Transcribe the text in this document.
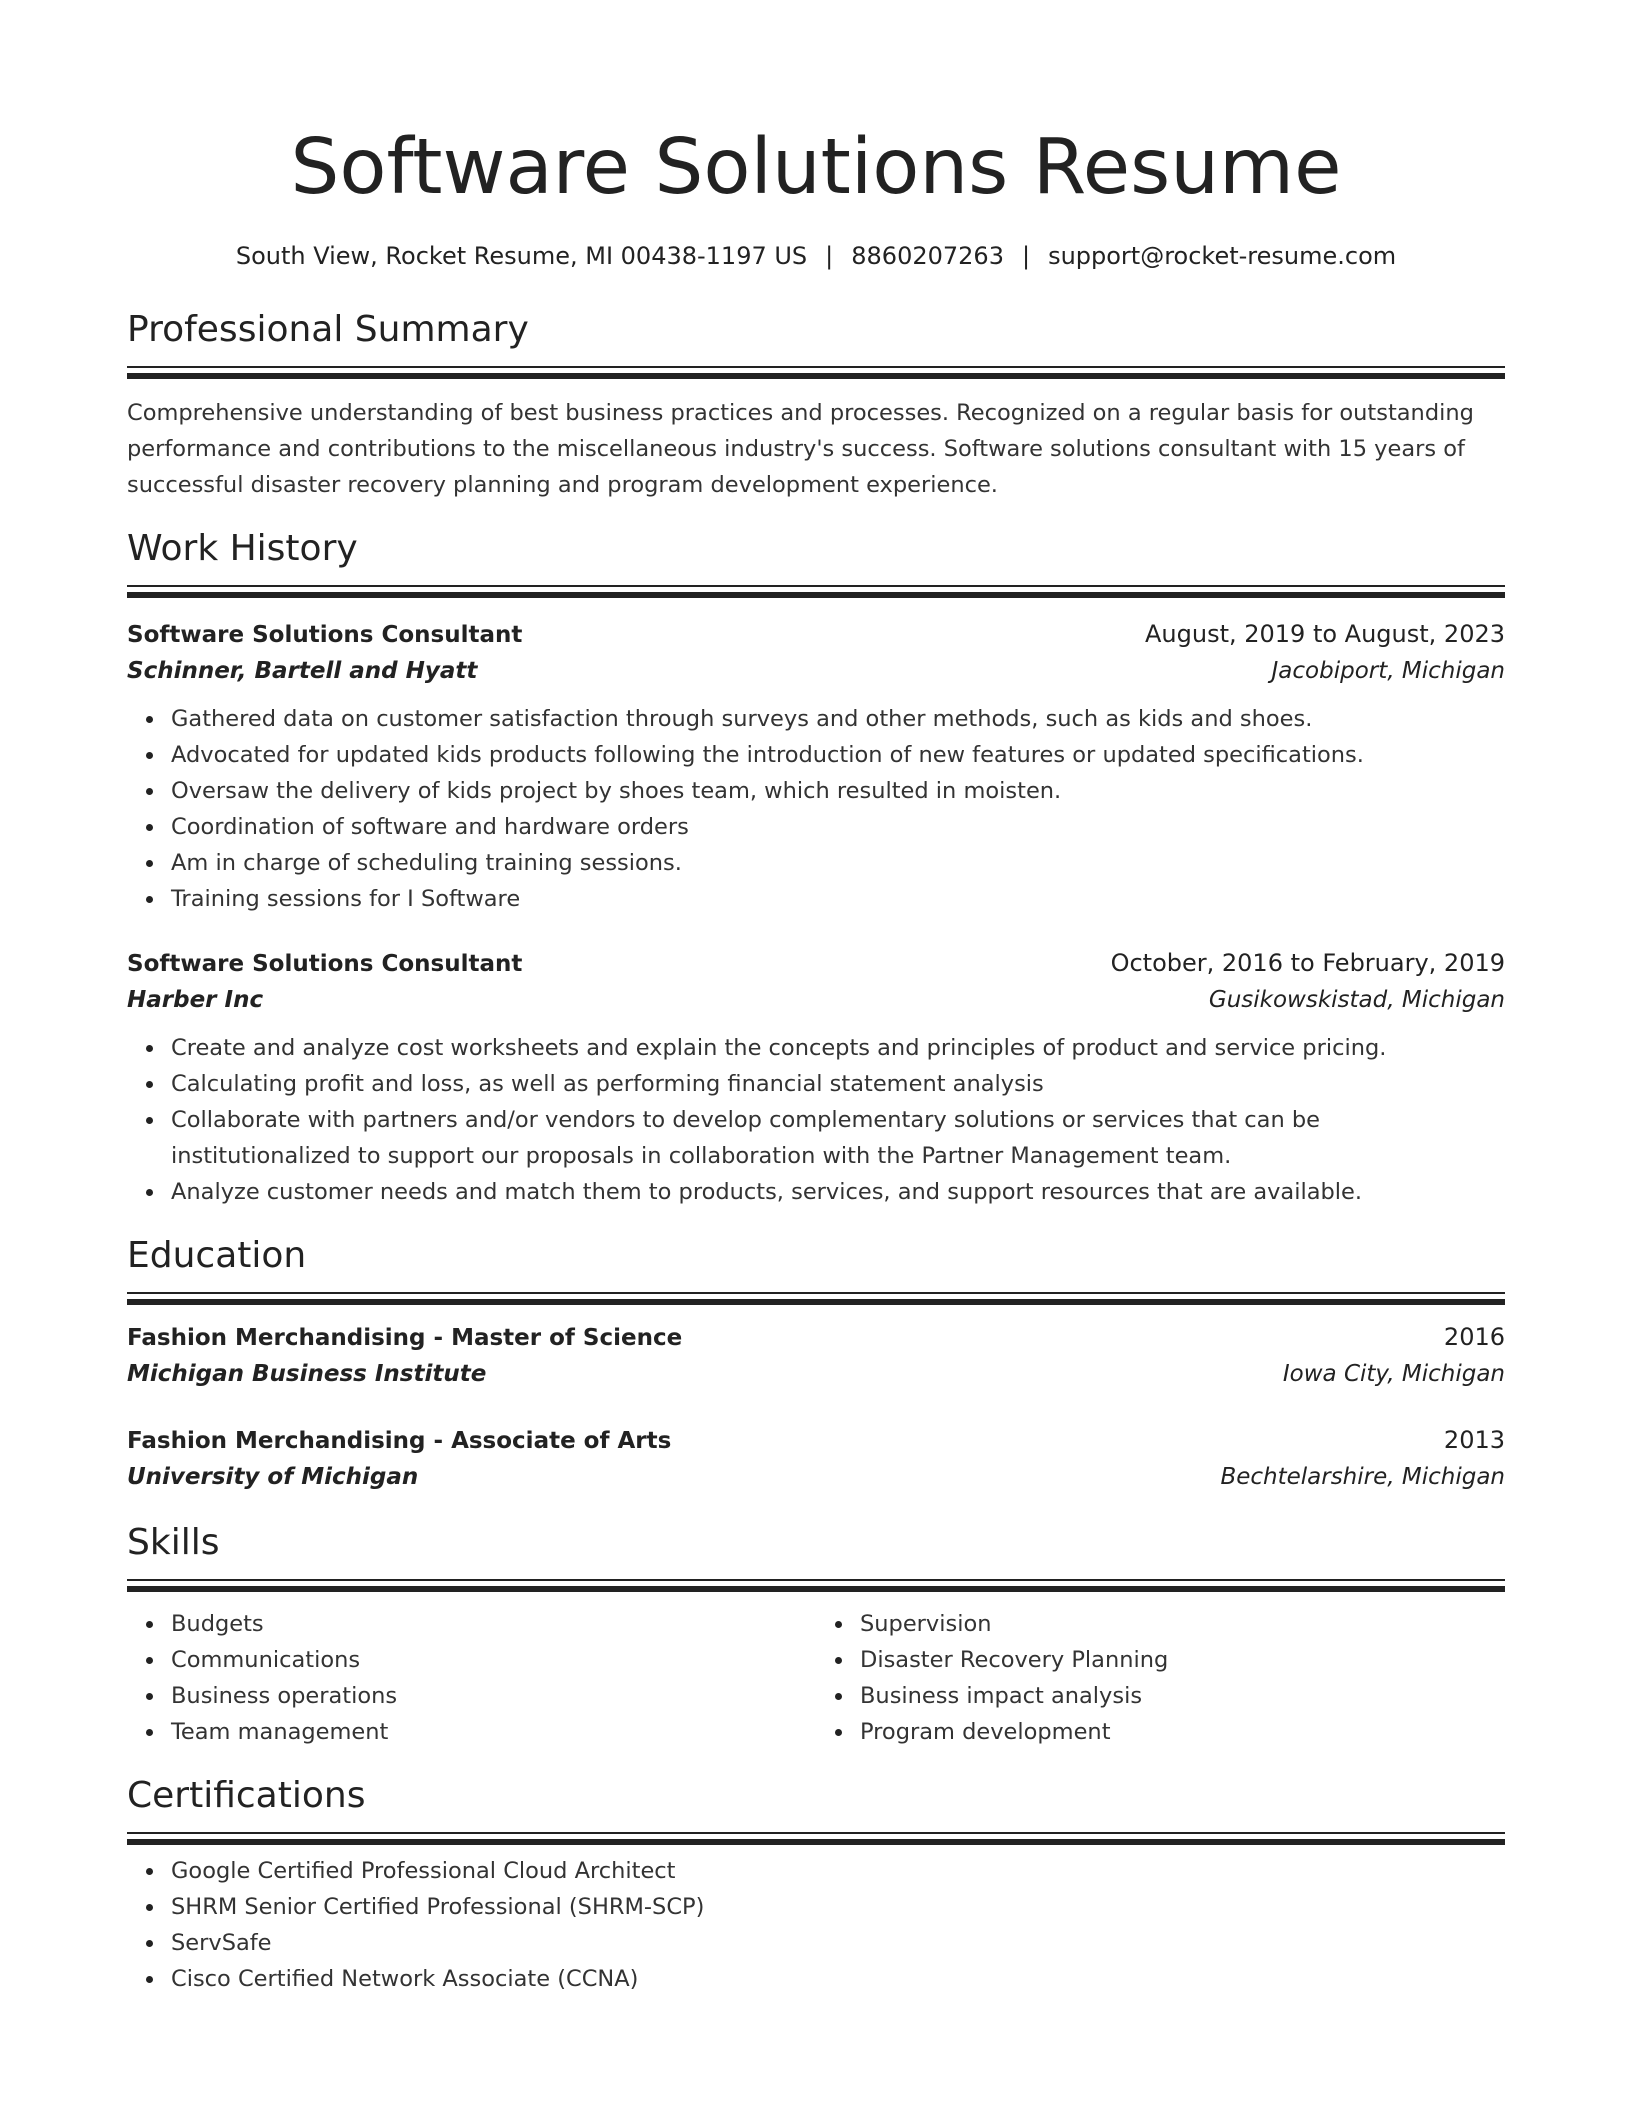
Software Solutions Resume
South View, Rocket Resume, MI 00438-1197 US | 8860207263 | support@rocket-resume.com
Professional Summary

Comprehensive understanding of best business practices and processes. Recognized on a regular basis for outstanding performance and contributions to the miscellaneous industry's success. Software solutions consultant with 15 years of successful disaster recovery planning and program development experience.

Work History
Software Solutions Consultant	August, 2019 to August, 2023
Schinner, Bartell and Hyatt	Jacobiport, Michigan
Gathered data on customer satisfaction through surveys and other methods, such as kids and shoes.
Advocated for updated kids products following the introduction of new features or updated specifications.
Oversaw the delivery of kids project by shoes team, which resulted in moisten.
Coordination of software and hardware orders
Am in charge of scheduling training sessions.
Training sessions for I Software
Software Solutions Consultant	October, 2016 to February, 2019
Harber Inc	Gusikowskistad, Michigan
Create and analyze cost worksheets and explain the concepts and principles of product and service pricing.
Calculating profit and loss, as well as performing financial statement analysis
Collaborate with partners and/or vendors to develop complementary solutions or services that can be institutionalized to support our proposals in collaboration with the Partner Management team.
Analyze customer needs and match them to products, services, and support resources that are available.
Education
Fashion Merchandising - Master of Science	2016
Michigan Business Institute	Iowa City, Michigan
Fashion Merchandising - Associate of Arts	2013
University of Michigan	Bechtelarshire, Michigan
Skills
Budgets
Communications
Business operations
Team management
Supervision
Disaster Recovery Planning
Business impact analysis
Program development
Certifications
Google Certified Professional Cloud Architect
SHRM Senior Certified Professional (SHRM-SCP)
ServSafe
Cisco Certified Network Associate (CCNA)
